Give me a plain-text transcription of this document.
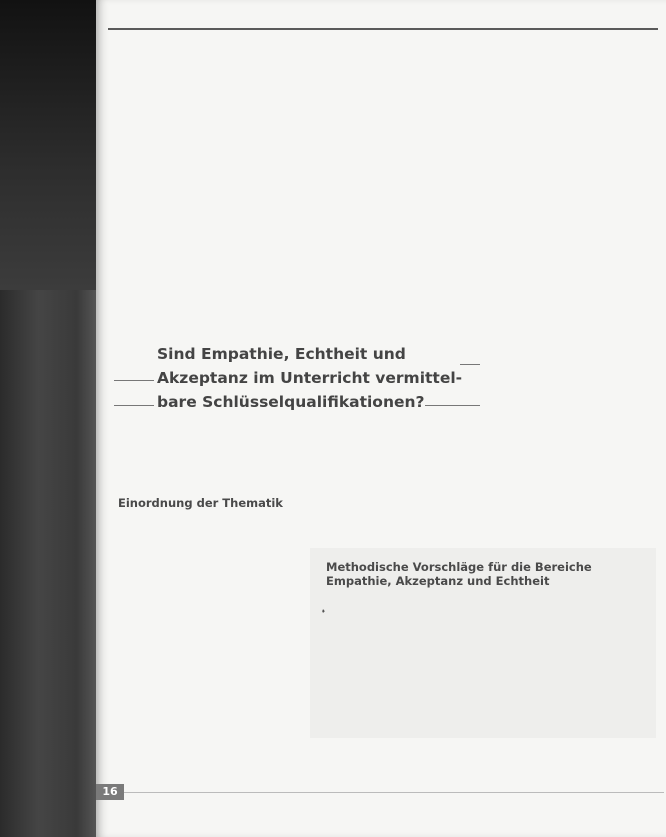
Sind Empathie, Echtheit und
Akzeptanz im Unterricht vermittel-
bare Schlüsselqualifikationen?
Einordnung der Thematik

Methodische Vorschläge für die Bereiche Empathie, Akzeptanz und Echtheit
16
